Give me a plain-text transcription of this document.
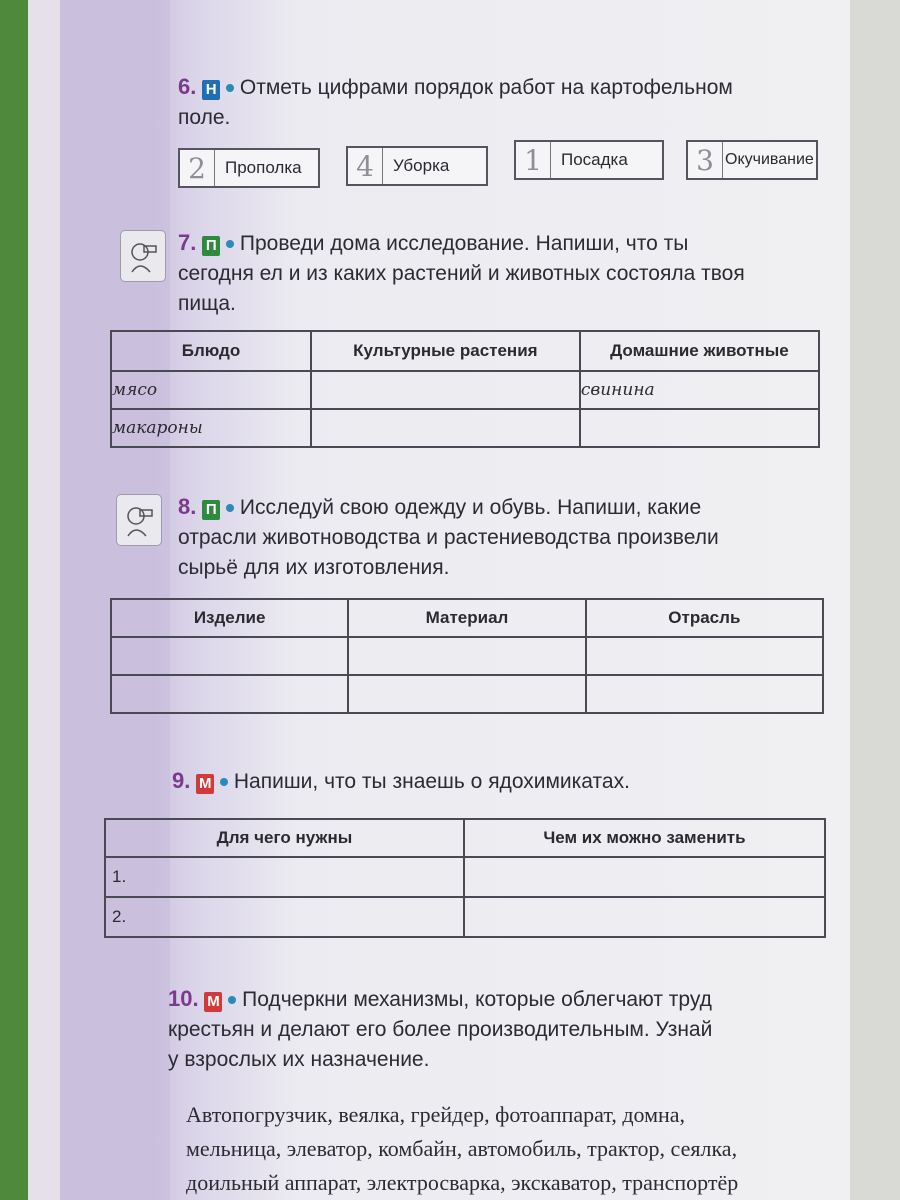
6. Н Отметь цифрами порядок работ на картофельном
поле.
2	Прополка	4	Уборка	1	Посадка	3 Окучивание
7. П Проведи дома исследование. Напиши, что ты
сегодня ел и из каких растений и животных состояла твоя
пища.
Блюдо	Культурные растения	Домашние животные
мясо		свинина
макароны		
8. П Исследуй свою одежду и обувь. Напиши, какие
отрасли животноводства и растениеводства произвели
сырьё для их изготовления.
Изделие	Материал	Отрасль

9. М Напиши, что ты знаешь о ядохимикатах.
Для чего нужны	Чем их можно заменить
1.	
2.	
10. М Подчеркни механизмы, которые облегчают труд
крестьян и делают его более производительным. Узнай
у взрослых их назначение.
Автопогрузчик, веялка, грейдер, фотоаппарат, домна,
мельница, элеватор, комбайн, автомобиль, трактор, сеялка,
доильный аппарат, электросварка, экскаватор, транспортёр
